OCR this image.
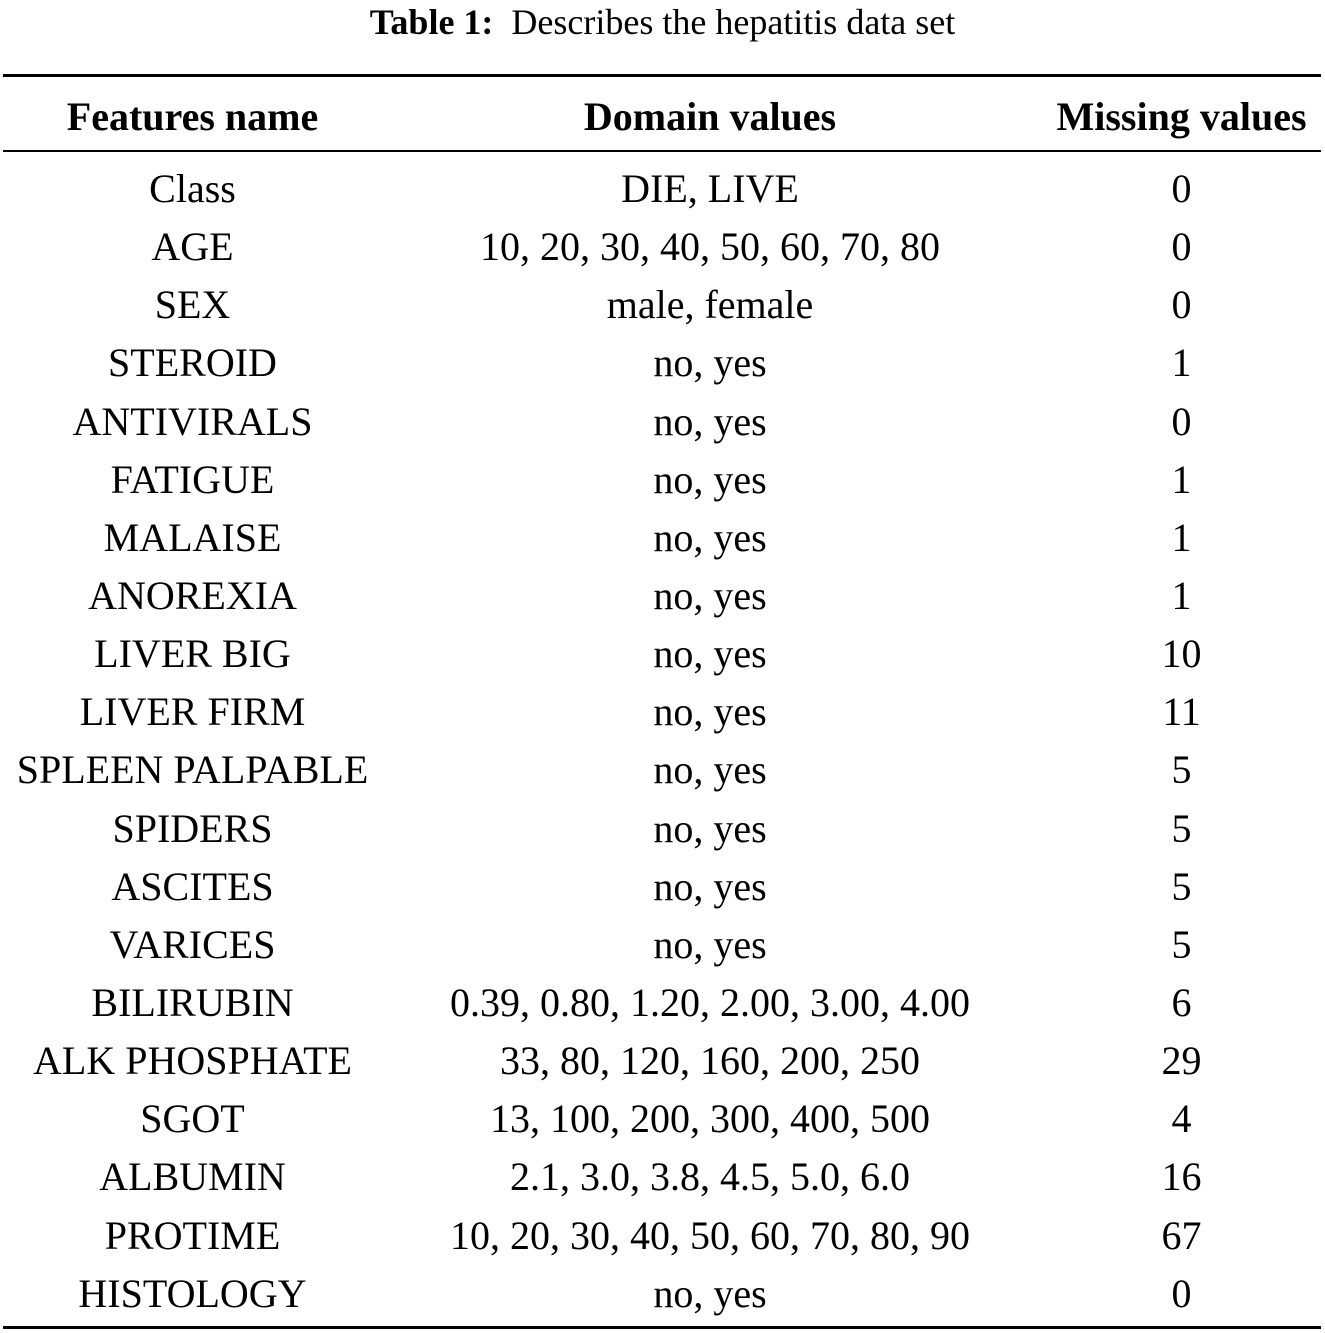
Table 1: Describes the hepatitis data set
Features name	Domain values	Missing values
Class	DIE, LIVE	0
AGE	10, 20, 30, 40, 50, 60, 70, 80	0
SEX	male, female	0
STEROID	no, yes	1
ANTIVIRALS	no, yes	0
FATIGUE	no, yes	1
MALAISE	no, yes	1
ANOREXIA	no, yes	1
LIVER BIG	no, yes	10
LIVER FIRM	no, yes	11
SPLEEN PALPABLE	no, yes	5
SPIDERS	no, yes	5
ASCITES	no, yes	5
VARICES	no, yes	5
BILIRUBIN	0.39, 0.80, 1.20, 2.00, 3.00, 4.00	6
ALK PHOSPHATE	33, 80, 120, 160, 200, 250	29
SGOT	13, 100, 200, 300, 400, 500	4
ALBUMIN	2.1, 3.0, 3.8, 4.5, 5.0, 6.0	16
PROTIME	10, 20, 30, 40, 50, 60, 70, 80, 90	67
HISTOLOGY	no, yes	0
